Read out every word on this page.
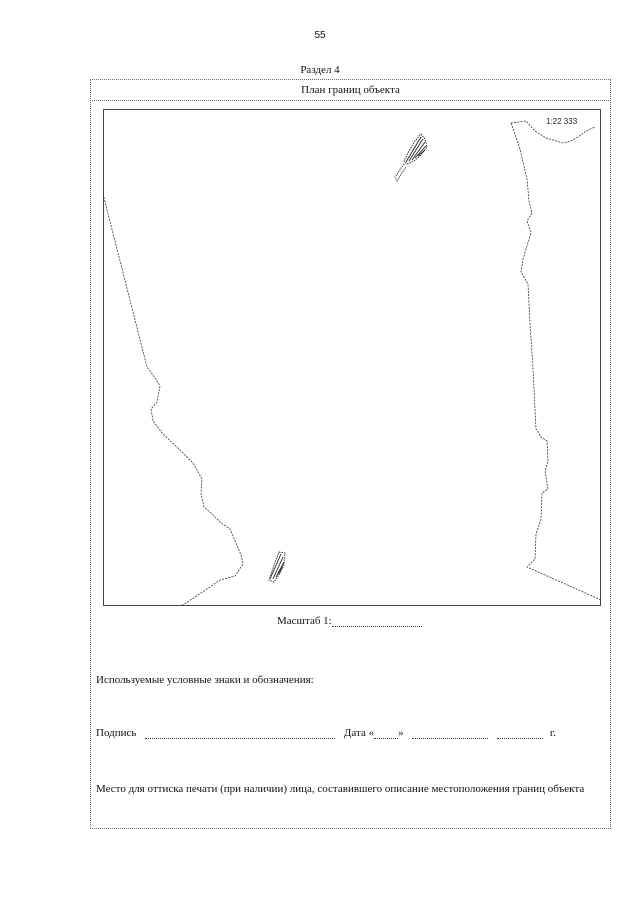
55
Раздел 4
План границ объекта
1:22 333
Масштаб 1:
Используемые условные знаки и обозначения:
Подпись	Дата « »	г.
Место для оттиска печати (при наличии) лица, составившего описание местоположения границ объекта
